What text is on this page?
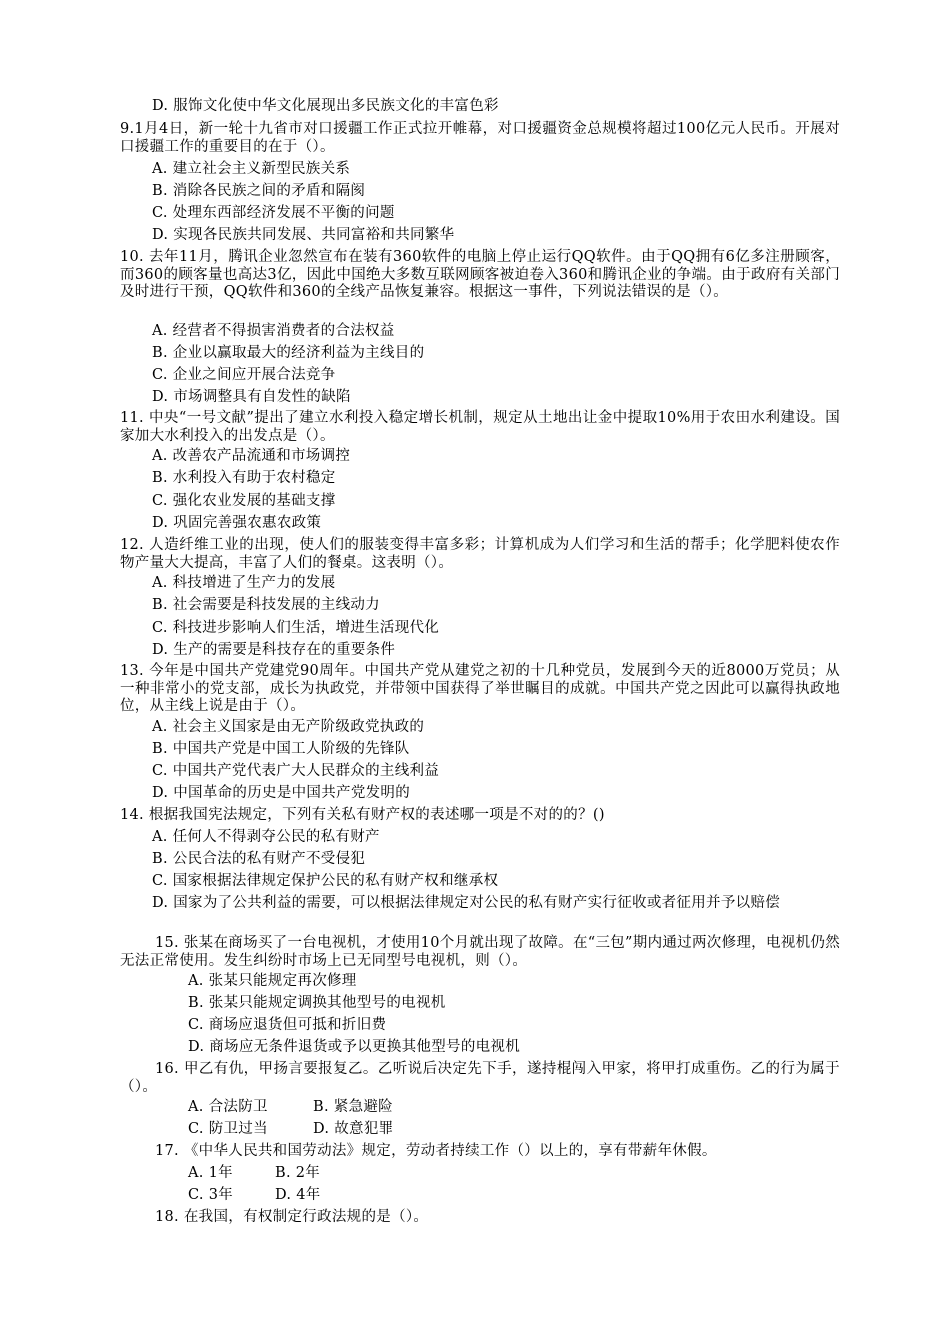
D. 服饰文化使中华文化展现出多民族文化的丰富色彩
9.1月4日，新一轮十九省市对口援疆工作正式拉开帷幕，对口援疆资金总规模将超过100亿元人民币。开展对口援疆工作的重要目的在于（）。
A. 建立社会主义新型民族关系
B. 消除各民族之间的矛盾和隔阂
C. 处理东西部经济发展不平衡的问题
D. 实现各民族共同发展、共同富裕和共同繁华
10. 去年11月，腾讯企业忽然宣布在装有360软件的电脑上停止运行QQ软件。由于QQ拥有6亿多注册顾客，而360的顾客量也高达3亿，因此中国绝大多数互联网顾客被迫卷入360和腾讯企业的争端。由于政府有关部门及时进行干预，QQ软件和360的全线产品恢复兼容。根据这一事件，下列说法错误的是（）。
A. 经营者不得损害消费者的合法权益
B. 企业以赢取最大的经济利益为主线目的
C. 企业之间应开展合法竞争
D. 市场调整具有自发性的缺陷
11. 中央“一号文献”提出了建立水利投入稳定增长机制，规定从土地出让金中提取10%用于农田水利建设。国家加大水利投入的出发点是（）。
A. 改善农产品流通和市场调控
B. 水利投入有助于农村稳定
C. 强化农业发展的基础支撑
D. 巩固完善强农惠农政策
12. 人造纤维工业的出现，使人们的服装变得丰富多彩；计算机成为人们学习和生活的帮手；化学肥料使农作物产量大大提高，丰富了人们的餐桌。这表明（）。
A. 科技增进了生产力的发展
B. 社会需要是科技发展的主线动力
C. 科技进步影响人们生活，增进生活现代化
D. 生产的需要是科技存在的重要条件
13. 今年是中国共产党建党90周年。中国共产党从建党之初的十几种党员，发展到今天的近8000万党员；从一种非常小的党支部，成长为执政党，并带领中国获得了举世瞩目的成就。中国共产党之因此可以赢得执政地位，从主线上说是由于（）。
A. 社会主义国家是由无产阶级政党执政的
B. 中国共产党是中国工人阶级的先锋队
C. 中国共产党代表广大人民群众的主线利益
D. 中国革命的历史是中国共产党发明的
14. 根据我国宪法规定，下列有关私有财产权的表述哪一项是不对的的？()
A. 任何人不得剥夺公民的私有财产
B. 公民合法的私有财产不受侵犯
C. 国家根据法律规定保护公民的私有财产权和继承权
D. 国家为了公共利益的需要，可以根据法律规定对公民的私有财产实行征收或者征用并予以赔偿
15. 张某在商场买了一台电视机，才使用10个月就出现了故障。在“三包”期内通过两次修理，电视机仍然无法正常使用。发生纠纷时市场上已无同型号电视机，则（）。
A. 张某只能规定再次修理
B. 张某只能规定调换其他型号的电视机
C. 商场应退货但可抵和折旧费
D. 商场应无条件退货或予以更换其他型号的电视机
16. 甲乙有仇，甲扬言要报复乙。乙听说后决定先下手，遂持棍闯入甲家，将甲打成重伤。乙的行为属于（）。
A. 合法防卫	B. 紧急避险
C. 防卫过当	D. 故意犯罪
17. 《中华人民共和国劳动法》规定，劳动者持续工作（）以上的，享有带薪年休假。
A. 1年	B. 2年
C. 3年	D. 4年
18. 在我国，有权制定行政法规的是（）。
